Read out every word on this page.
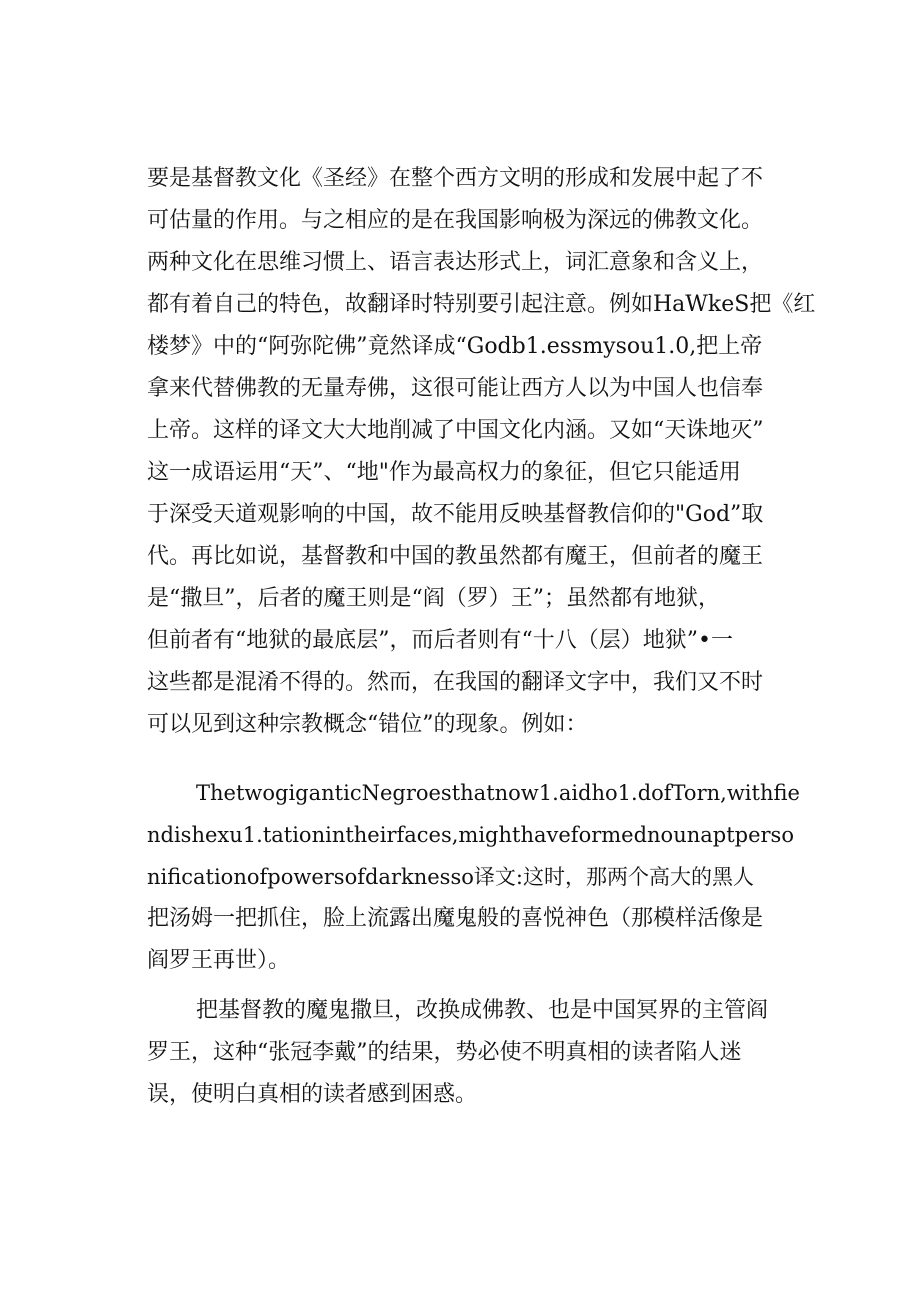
要是基督教文化《圣经》在整个西方文明的形成和发展中起了不
可估量的作用。与之相应的是在我国影响极为深远的佛教文化。
两种文化在思维习惯上、语言表达形式上，词汇意象和含义上，
都有着自己的特色，故翻译时特别要引起注意。例如HaWkeS把《红
楼梦》中的“阿弥陀佛”竟然译成“Godb1.essmysou1.0,把上帝
拿来代替佛教的无量寿佛，这很可能让西方人以为中国人也信奉
上帝。这样的译文大大地削减了中国文化内涵。又如“天诛地灭”
这一成语运用“天”、“地"作为最高权力的象征，但它只能适用
于深受天道观影响的中国，故不能用反映基督教信仰的"God”取
代。再比如说，基督教和中国的教虽然都有魔王，但前者的魔王
是“撒旦”，后者的魔王则是“阎（罗）王”；虽然都有地狱，
但前者有“地狱的最底层”，而后者则有“十八（层）地狱”•一
这些都是混淆不得的。然而，在我国的翻译文字中，我们又不时
可以见到这种宗教概念“错位”的现象。例如：
ThetwogiganticNegroesthatnow1.aidho1.dofTorn,withfie
ndishexu1.tationintheirfaces,mighthaveformednounaptperso
nificationofpowersofdarknesso译文:这时，那两个高大的黑人
把汤姆一把抓住，脸上流露出魔鬼般的喜悦神色（那模样活像是
阎罗王再世）。
把基督教的魔鬼撒旦，改换成佛教、也是中国冥界的主管阎
罗王，这种“张冠李戴”的结果，势必使不明真相的读者陷人迷
误，使明白真相的读者感到困惑。
